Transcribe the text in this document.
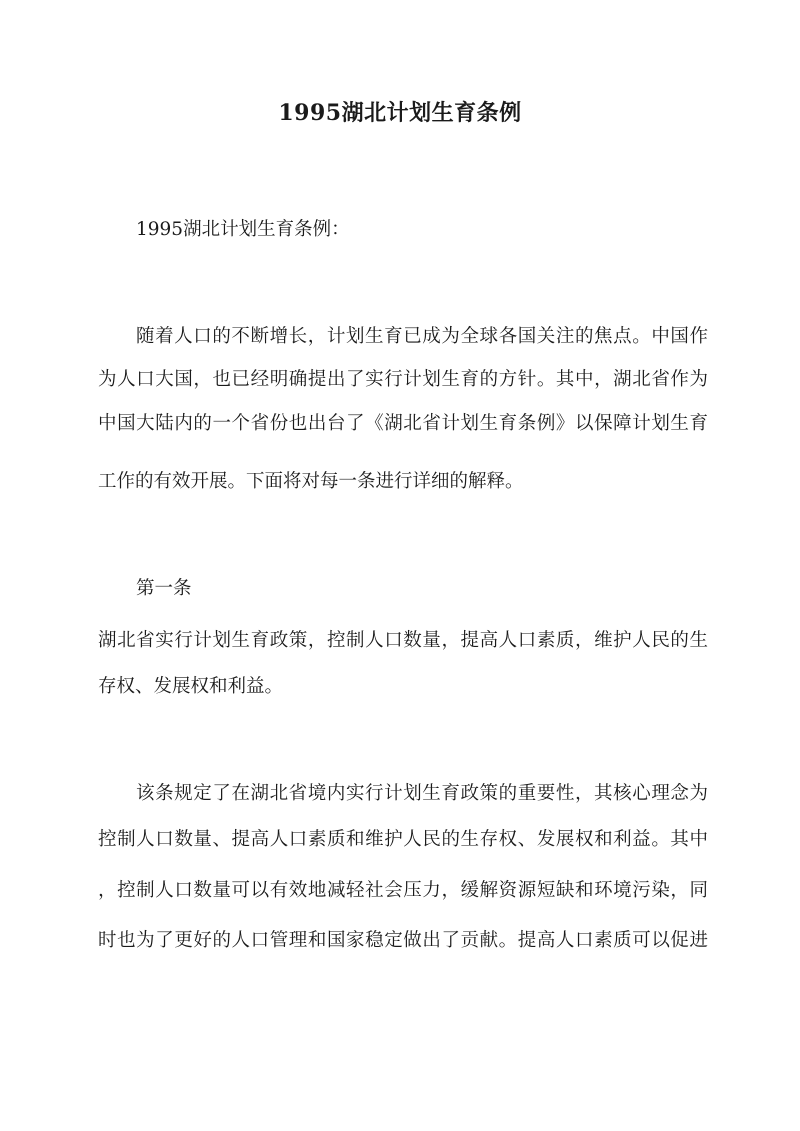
1995湖北计划生育条例
1995湖北计划生育条例：
随着人口的不断增长，计划生育已成为全球各国关注的焦点。中国作
为人口大国，也已经明确提出了实行计划生育的方针。其中，湖北省作为
中国大陆内的一个省份也出台了《湖北省计划生育条例》以保障计划生育
工作的有效开展。下面将对每一条进行详细的解释。
第一条
湖北省实行计划生育政策，控制人口数量，提高人口素质，维护人民的生
存权、发展权和利益。
该条规定了在湖北省境内实行计划生育政策的重要性，其核心理念为
控制人口数量、提高人口素质和维护人民的生存权、发展权和利益。其中
，控制人口数量可以有效地减轻社会压力，缓解资源短缺和环境污染，同
时也为了更好的人口管理和国家稳定做出了贡献。提高人口素质可以促进
